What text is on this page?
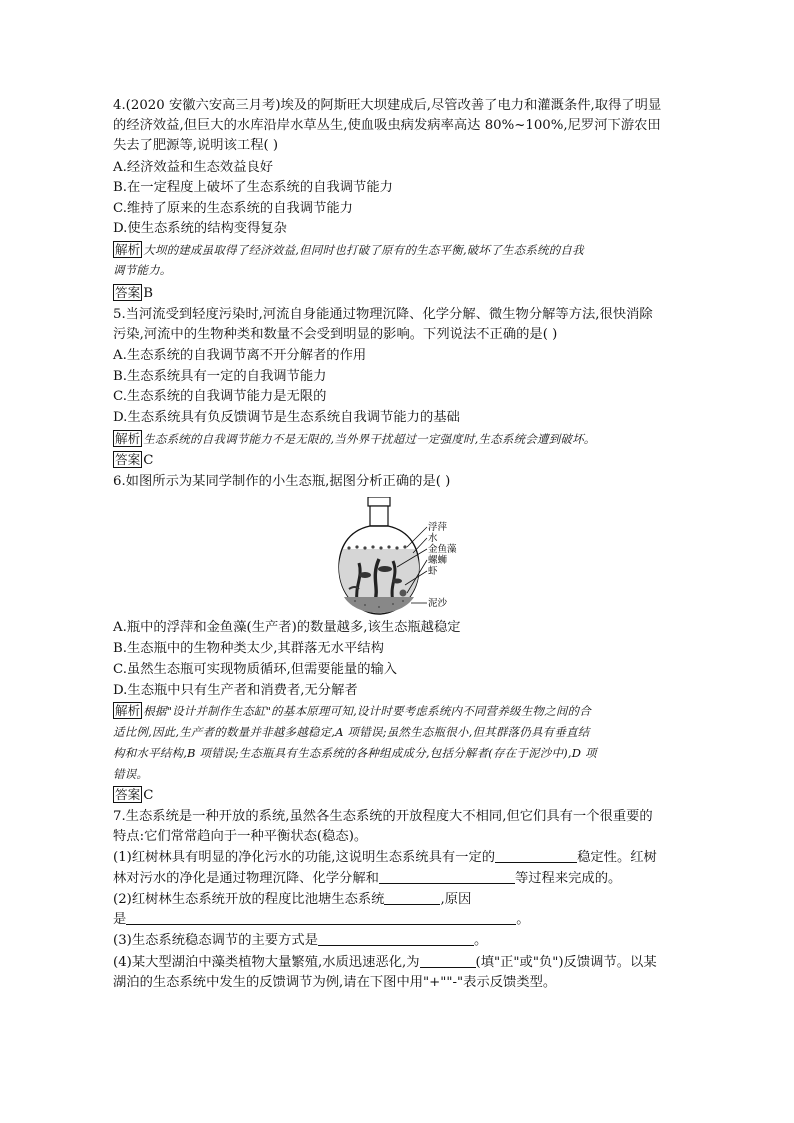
4.(2020 安徽六安高三月考)埃及的阿斯旺大坝建成后,尽管改善了电力和灌溉条件,取得了明显
的经济效益,但巨大的水库沿岸水草丛生,使血吸虫病发病率高达 80%~100%,尼罗河下游农田
失去了肥源等,说明该工程( )
A.经济效益和生态效益良好
B.在一定程度上破坏了生态系统的自我调节能力
C.维持了原来的生态系统的自我调节能力
D.使生态系统的结构变得复杂
解析 大坝的建成虽取得了经济效益,但同时也打破了原有的生态平衡,破坏了生态系统的自我
调节能力。
答案 B
5.当河流受到轻度污染时,河流自身能通过物理沉降、化学分解、微生物分解等方法,很快消除
污染,河流中的生物种类和数量不会受到明显的影响。下列说法不正确的是( )
A.生态系统的自我调节离不开分解者的作用
B.生态系统具有一定的自我调节能力
C.生态系统的自我调节能力是无限的
D.生态系统具有负反馈调节是生态系统自我调节能力的基础
解析 生态系统的自我调节能力不是无限的,当外界干扰超过一定强度时,生态系统会遭到破坏。
答案 C
6.如图所示为某同学制作的小生态瓶,据图分析正确的是( )
浮萍
水
金鱼藻
螺蛳
虾
泥沙
A.瓶中的浮萍和金鱼藻(生产者)的数量越多,该生态瓶越稳定
B.生态瓶中的生物种类太少,其群落无水平结构
C.虽然生态瓶可实现物质循环,但需要能量的输入
D.生态瓶中只有生产者和消费者,无分解者
解析 根据"设计并制作生态缸"的基本原理可知,设计时要考虑系统内不同营养级生物之间的合
适比例,因此,生产者的数量并非越多越稳定,A 项错误;虽然生态瓶很小,但其群落仍具有垂直结
构和水平结构,B 项错误;生态瓶具有生态系统的各种组成成分,包括分解者(存在于泥沙中),D 项
错误。
答案 C
7.生态系统是一种开放的系统,虽然各生态系统的开放程度大不相同,但它们具有一个很重要的
特点:它们常常趋向于一种平衡状态(稳态)。
(1)红树林具有明显的净化污水的功能,这说明生态系统具有一定的	稳定性。红树
林对污水的净化是通过物理沉降、化学分解和	等过程来完成的。
(2)红树林生态系统开放的程度比池塘生态系统	,原因
是	。
(3)生态系统稳态调节的主要方式是	。
(4)某大型湖泊中藻类植物大量繁殖,水质迅速恶化,为	(填"正"或"负")反馈调节。以某
湖泊的生态系统中发生的反馈调节为例,请在下图中用"+""-"表示反馈类型。
